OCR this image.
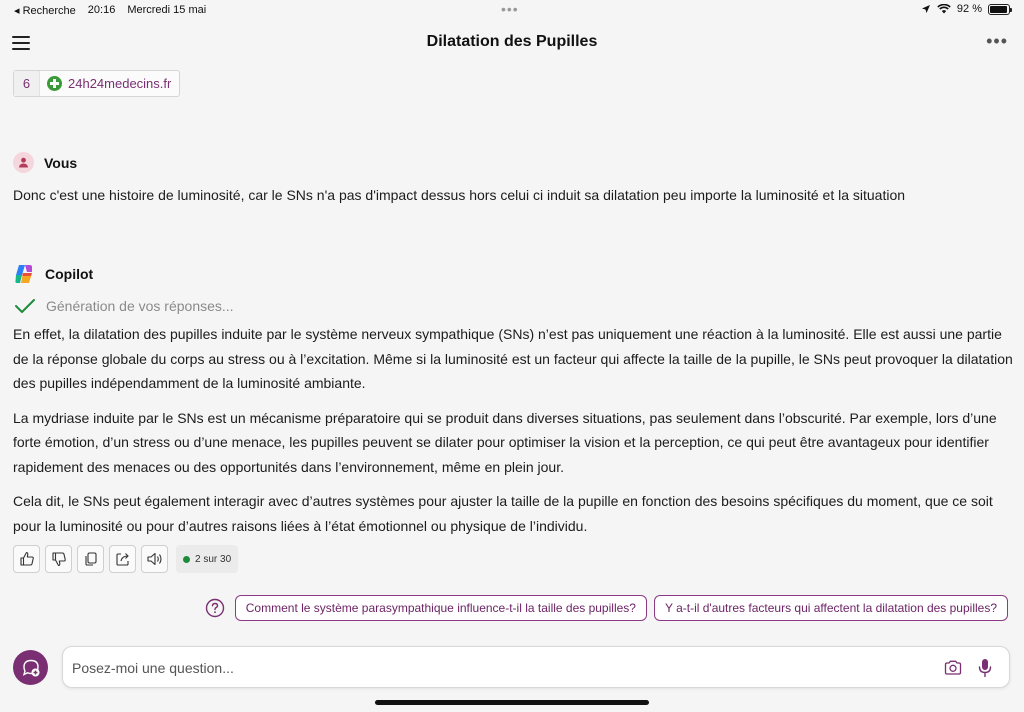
◂ Recherche 20:16 Mercredi 15 mai	•••	92 %
Dilatation des Pupilles	•••
6	24h24medecins.fr
Vous
Donc c'est une histoire de luminosité, car le SNs n'a pas d'impact dessus hors celui ci induit sa dilatation peu importe la luminosité et la situation
Copilot
Génération de vos réponses...

En effet, la dilatation des pupilles induite par le système nerveux sympathique (SNs) n’est pas uniquement une réaction à la luminosité. Elle est aussi une partie de la réponse globale du corps au stress ou à l’excitation. Même si la luminosité est un facteur qui affecte la taille de la pupille, le SNs peut provoquer la dilatation des pupilles indépendamment de la luminosité ambiante.

La mydriase induite par le SNs est un mécanisme préparatoire qui se produit dans diverses situations, pas seulement dans l’obscurité. Par exemple, lors d’une forte émotion, d’un stress ou d’une menace, les pupilles peuvent se dilater pour optimiser la vision et la perception, ce qui peut être avantageux pour identifier rapidement des menaces ou des opportunités dans l’environnement, même en plein jour.

Cela dit, le SNs peut également interagir avec d’autres systèmes pour ajuster la taille de la pupille en fonction des besoins spécifiques du moment, que ce soit pour la luminosité ou pour d’autres raisons liées à l’état émotionnel ou physique de l’individu.

2 sur 30
Comment le système parasympathique influence-t-il la taille des pupilles?	Y a-t-il d'autres facteurs qui affectent la dilatation des pupilles?
Posez-moi une question...
